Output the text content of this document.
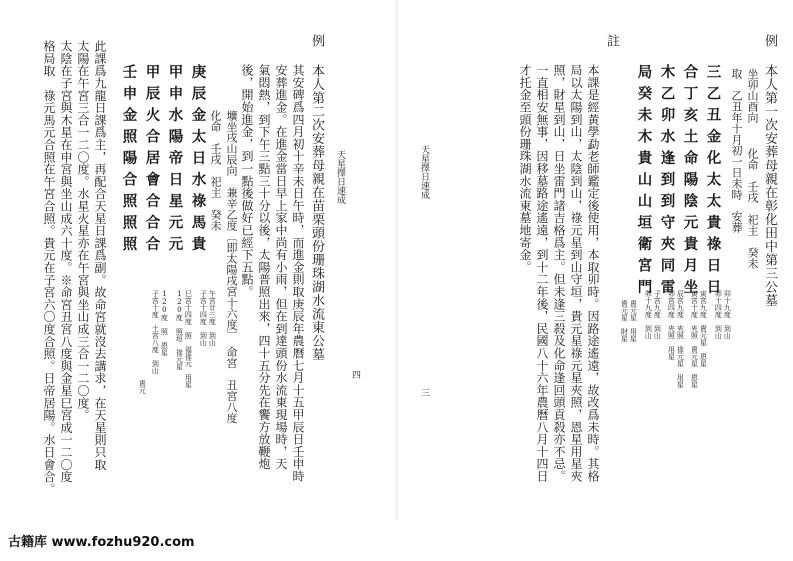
天星擇日速成
四
例
本人第二次安葬母親在苗栗頭份珊珠湖水流東公墓
其安碑爲四月初十辛未日午時，而進金則取庚辰年農曆七月十五甲辰日壬申時
安葬進金。在進金當日早上家中尚有小雨，但在到達頭份水流東現場時，天
氣悶熱，到下午三點三十分以後，太陽普照出來，四十五分先在饗方放鞭炮
後，開始進金，到一點後做好已經下五點。
壙坐戌山辰向　兼辛乙度〔即太陽戌宮十六度〕　命宮　丑宮八度
化命　壬戌　祀主　癸未
庚辰金太日水祿馬貴
甲申水陽帝日星元元
甲辰火合居會合合合
壬申金照陽合照照照
午宮廿三度　到山
子宮十四度　到山
巳宮十四度　照　福祿元　用星
120度　照垣　祿元星
120度　照　恩星
子宮十度　土宮八度　到山
貴元
此課爲九龍日課爲主，再配合天星日課爲副。故命宮就沒去講求，在天星則只取
太陽在午宮三合一二〇度。水星火星亦在午宮與坐山成三合一二〇度。
太陰在子宮與木星在申宮與坐山成六十度。※命宮丑宮八度與金星巳宮成一二〇度
格局取　祿元馬元合照在午宮合照。貴元在子宮六〇度合照。日帝居陽。水日會合。	天星擇日速成
三
例
本人第一次安葬母親在彰化田中第三公墓
坐卯山酉向
化命　壬戌　祀主　癸未
取　乙丑年十月初一日未時　安葬
三乙丑金化太太貴祿日日
合丁亥土命陽陰元貴月坐
木乙卯水逢到到守夾同雷
局癸未木貴山山垣衛宮門
卯十九度　到山
卯十四度　到山
寅宮九度　貴元星　恩星
寅宮十度　夾照　貴元星　恩星
辰宮九度　夾照　祿元星　用星
卯宮四度　夾照　用星
子宮九度　到山
卯十九度　到山
貴元星　用星
貴元星　財星
註
本課是經黃學勐老師鑑定後使用，本取卯時。因路途遙遠，故改爲未時。其格
局以太陽到山，太陰到山，祿元星到山守垣，貴元星祿元星夾照，恩星用星夾
照，財星到山，日坐雷門諸吉格爲主。但未逢三殺及化命逢回頭貢殺亦不忌。
一直相安無事，因移墓路途遙遠，到十二年後，民國八十六年農曆八月十四日
才托金至頭份珊珠湖水流東墓地寄金。
古籍库 www.fozhu920.com
